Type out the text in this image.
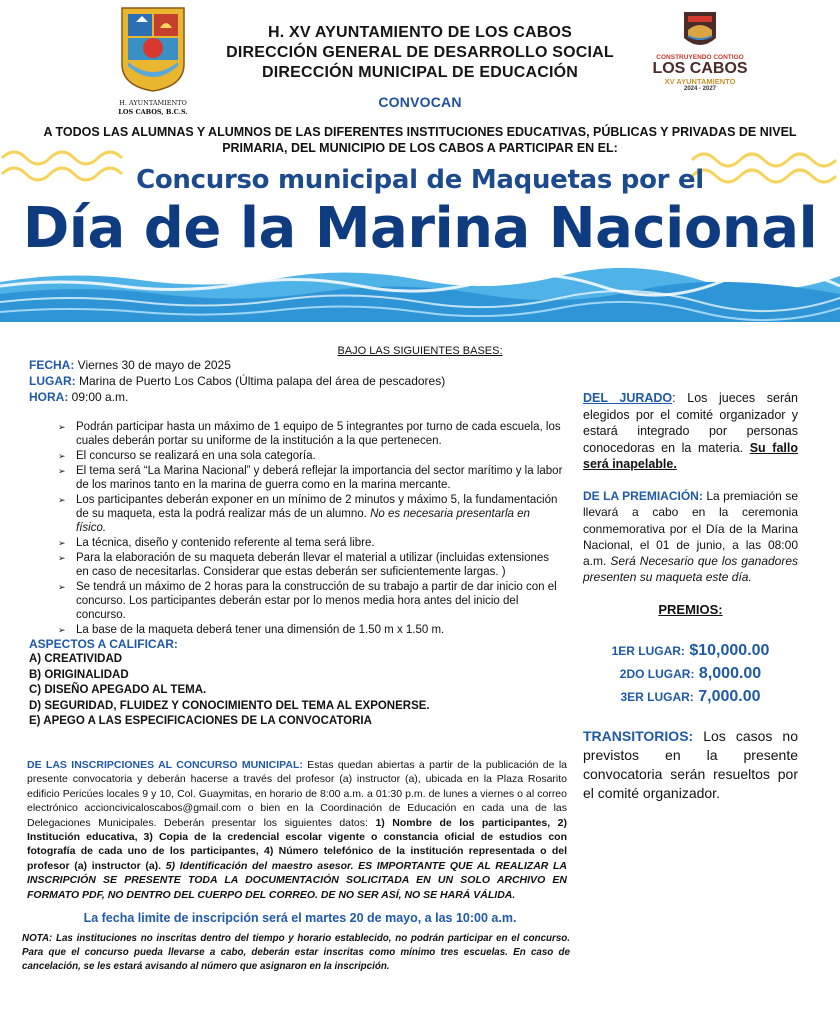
H. AYUNTAMIENTO
LOS CABOS, B.C.S.
CONSTRUYENDO CONTIGO
LOS CABOS
XV AYUNTAMIENTO
2024 - 2027
H. XV AYUNTAMIENTO DE LOS CABOS
DIRECCIÓN GENERAL DE DESARROLLO SOCIAL
DIRECCIÓN MUNICIPAL DE EDUCACIÓN
CONVOCAN
A TODOS LAS ALUMNAS Y ALUMNOS DE LAS DIFERENTES INSTITUCIONES EDUCATIVAS, PÚBLICAS Y PRIVADAS DE NIVEL PRIMARIA, DEL MUNICIPIO DE LOS CABOS A PARTICIPAR EN EL:
Concurso municipal de Maquetas por el
Día de la Marina Nacional
BAJO LAS SIGUIENTES BASES:
FECHA: Viernes 30 de mayo de 2025
LUGAR: Marina de Puerto Los Cabos (Última palapa del área de pescadores)
HORA: 09:00 a.m.
➢ Podrán participar hasta un máximo de 1 equipo de 5 integrantes por turno de cada escuela, los cuales deberán portar su uniforme de la institución a la que pertenecen.
➢ El concurso se realizará en una sola categoría.
➢ El tema será “La Marina Nacional” y deberá reflejar la importancia del sector marítimo y la labor de los marinos tanto en la marina de guerra como en la marina mercante.
➢ Los participantes deberán exponer en un mínimo de 2 minutos y máximo 5, la fundamentación de su maqueta, esta la podrá realizar más de un alumno. No es necesaria presentarla en físico.
➢ La técnica, diseño y contenido referente al tema será libre.
➢ Para la elaboración de su maqueta deberán llevar el material a utilizar (incluidas extensiones en caso de necesitarlas. Considerar que estas deberán ser suficientemente largas. )
➢ Se tendrá un máximo de 2 horas para la construcción de su trabajo a partir de dar inicio con el concurso. Los participantes deberán estar por lo menos media hora antes del inicio del concurso.
➢ La base de la maqueta deberá tener una dimensión de 1.50 m x 1.50 m.
ASPECTOS A CALIFICAR:
A) CREATIVIDAD
B) ORIGINALIDAD
C) DISEÑO APEGADO AL TEMA.
D) SEGURIDAD, FLUIDEZ Y CONOCIMIENTO DEL TEMA AL EXPONERSE.
E) APEGO A LAS ESPECIFICACIONES DE LA CONVOCATORIA
DE LAS INSCRIPCIONES AL CONCURSO MUNICIPAL: Estas quedan abiertas a partir de la publicación de la presente convocatoria y deberán hacerse a través del profesor (a) instructor (a), ubicada en la Plaza Rosarito edificio Pericúes locales 9 y 10, Col. Guaymitas, en horario de 8:00 a.m. a 01:30 p.m. de lunes a viernes o al correo electrónico accioncivicaloscabos@gmail.com o bien en la Coordinación de Educación en cada una de las Delegaciones Municipales. Deberán presentar los siguientes datos: 1) Nombre de los participantes, 2) Institución educativa, 3) Copia de la credencial escolar vigente o constancia oficial de estudios con fotografía de cada uno de los participantes, 4) Número telefónico de la institución representada o del profesor (a) instructor (a). 5) Identificación del maestro asesor. ES IMPORTANTE QUE AL REALIZAR LA INSCRIPCIÓN SE PRESENTE TODA LA DOCUMENTACIÓN SOLICITADA EN UN SOLO ARCHIVO EN FORMATO PDF, NO DENTRO DEL CUERPO DEL CORREO. DE NO SER ASÍ, NO SE HARÁ VÁLIDA.
La fecha limite de inscripción será el martes 20 de mayo, a las 10:00 a.m.
NOTA: Las instituciones no inscritas dentro del tiempo y horario establecido, no podrán participar en el concurso. Para que el concurso pueda llevarse a cabo, deberán estar inscritas como mínimo tres escuelas. En caso de cancelación, se les estará avisando al número que asignaron en la inscripción.
DEL JURADO: Los jueces serán elegidos por el comité organizador y estará integrado por personas conocedoras en la materia. Su fallo será inapelable.
DE LA PREMIACIÓN: La premiación se llevará a cabo en la ceremonia conmemorativa por el Día de la Marina Nacional, el 01 de junio, a las 08:00 a.m. Será Necesario que los ganadores presenten su maqueta este día.
PREMIOS:
1ER LUGAR: $10,000.00
2DO LUGAR: 8,000.00
3ER LUGAR: 7,000.00
TRANSITORIOS: Los casos no previstos en la presente convocatoria serán resueltos por el comité organizador.
